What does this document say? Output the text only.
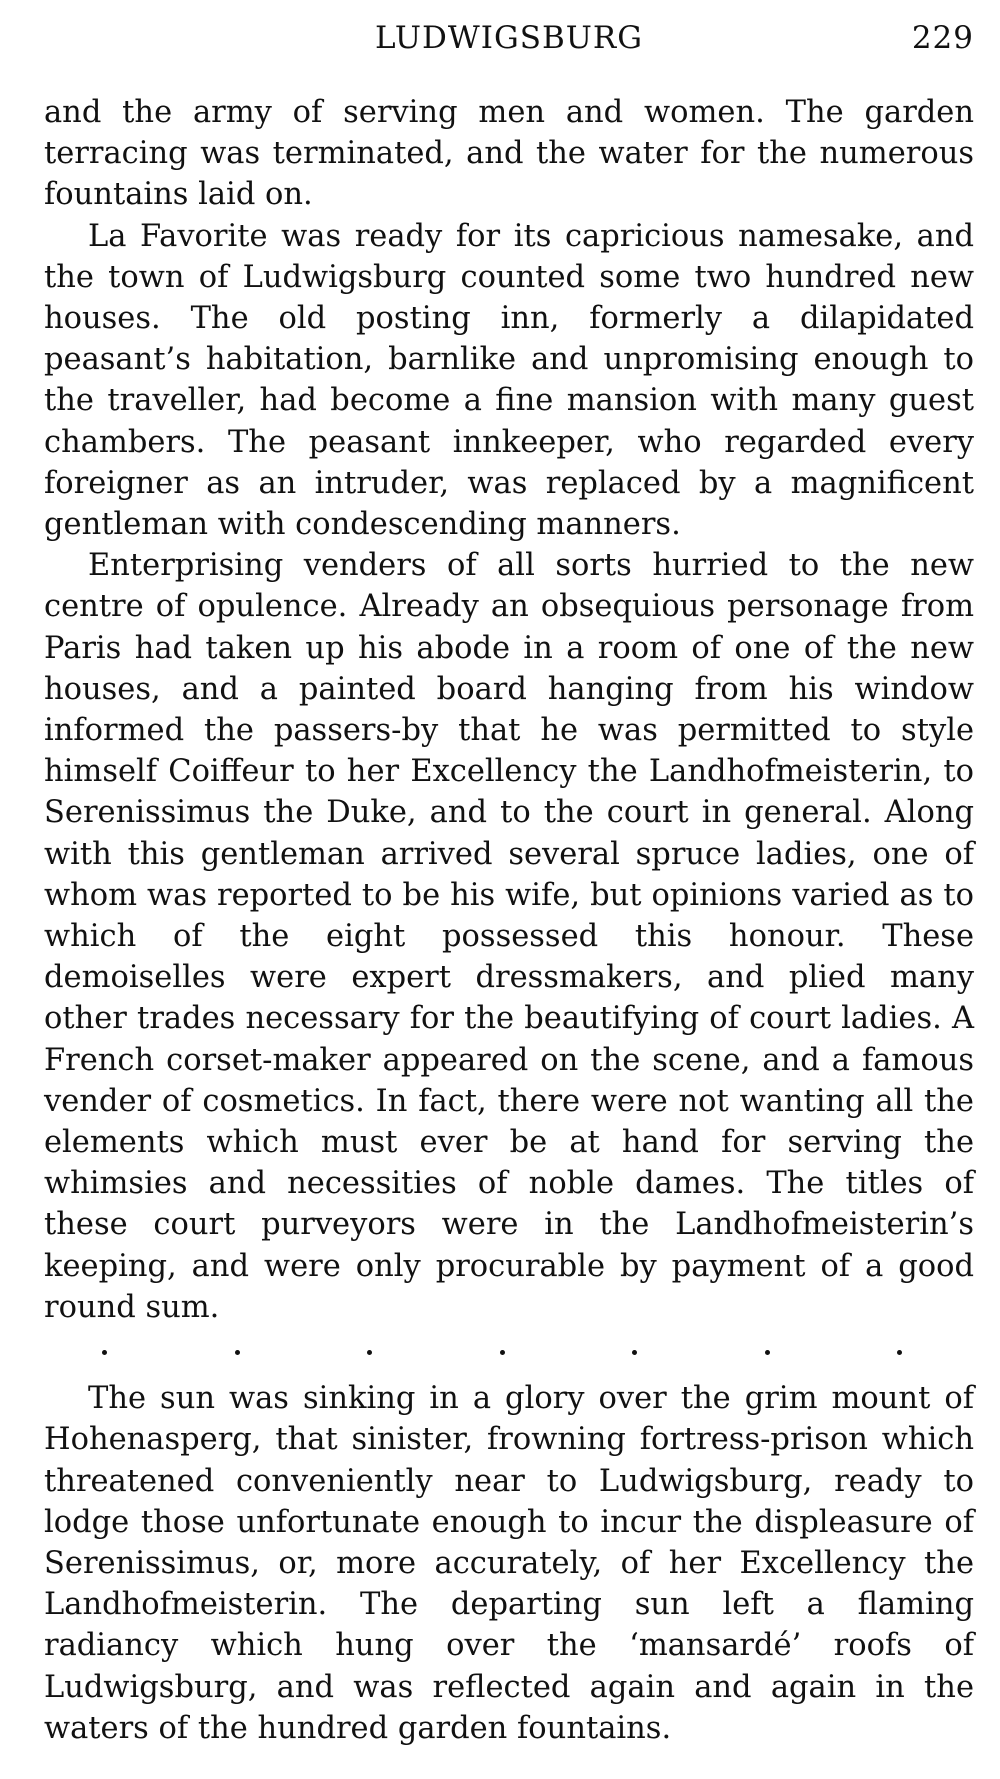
LUDWIGSBURG	229

and the army of serving men and women. The garden terracing was terminated, and the water for the numerous fountains laid on.

La Favorite was ready for its capricious namesake, and the town of Ludwigsburg counted some two hundred new houses. The old posting inn, formerly a dilapidated peasant’s habitation, barnlike and unpromising enough to the traveller, had become a fine mansion with many guest chambers. The peasant innkeeper, who regarded every foreigner as an intruder, was replaced by a magnificent gentleman with condescending manners.

Enterprising venders of all sorts hurried to the new centre of opulence. Already an obsequious personage from Paris had taken up his abode in a room of one of the new houses, and a painted board hanging from his window informed the passers-by that he was permitted to style himself Coiffeur to her Excellency the Landhofmeisterin, to Serenissimus the Duke, and to the court in general. Along with this gentleman arrived several spruce ladies, one of whom was reported to be his wife, but opinions varied as to which of the eight possessed this honour. These demoiselles were expert dressmakers, and plied many other trades necessary for the beautifying of court ladies. A French corset-maker appeared on the scene, and a famous vender of cosmetics. In fact, there were not wanting all the elements which must ever be at hand for serving the whimsies and necessities of noble dames. The titles of these court purveyors were in the Landhofmeisterin’s keeping, and were only procurable by payment of a good round sum.

The sun was sinking in a glory over the grim mount of Hohenasperg, that sinister, frowning fortress-prison which threatened conveniently near to Ludwigsburg, ready to lodge those unfortunate enough to incur the displeasure of Serenissimus, or, more accurately, of her Excellency the Landhofmeisterin. The departing sun left a flaming radiancy which hung over the ‘mansardé’ roofs of Ludwigsburg, and was reflected again and again in the waters of the hundred garden fountains.
